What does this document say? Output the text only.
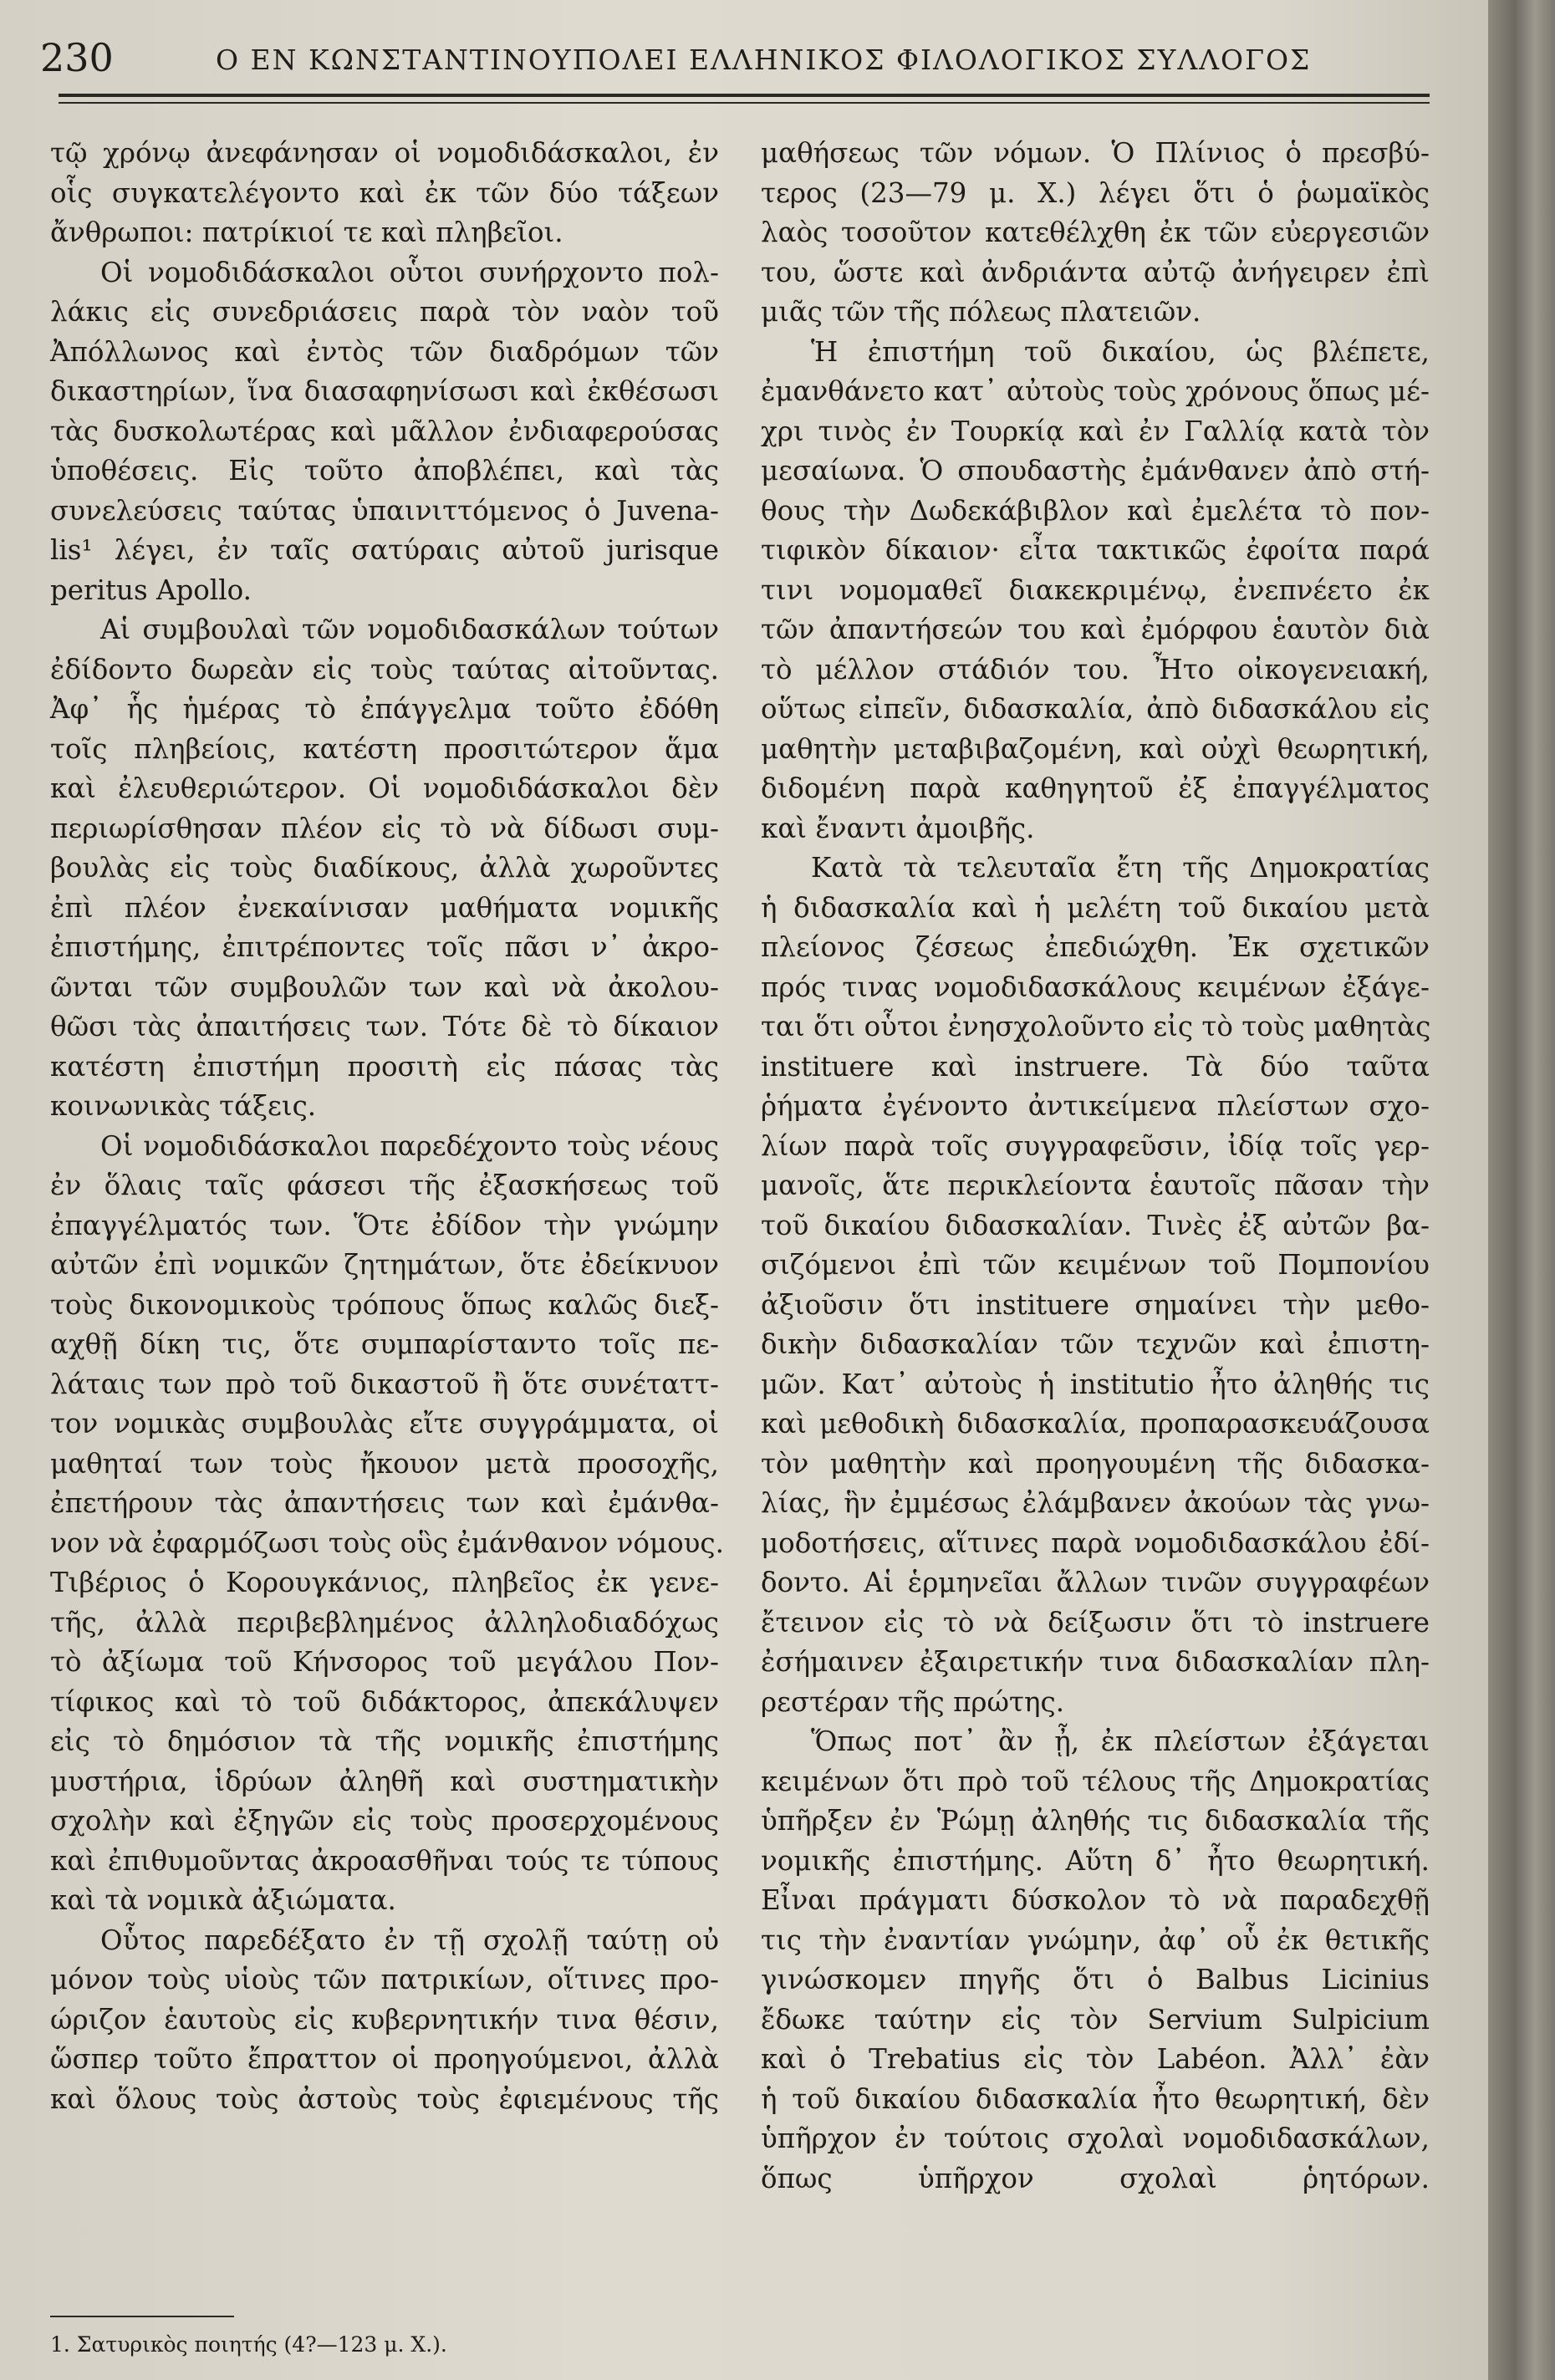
230	Ο ΕΝ ΚΩΝΣΤΑΝΤΙΝΟΥΠΟΛΕΙ ΕΛΛΗΝΙΚΟΣ ΦΙΛΟΛΟΓΙΚΟΣ ΣΥΛΛΟΓΟΣ
τῷ χρόνῳ ἀνεφάνησαν οἱ νομοδιδάσκαλοι, ἐν
οἷς συγκατελέγοντο καὶ ἐκ τῶν δύο τάξεων
ἄνθρωποι: πατρίκιοί τε καὶ πληβεῖοι.
Οἱ νομοδιδάσκαλοι οὗτοι συνήρχοντο πολ-
λάκις εἰς συνεδριάσεις παρὰ τὸν ναὸν τοῦ
Ἀπόλλωνος καὶ ἐντὸς τῶν διαδρόμων τῶν
δικαστηρίων, ἵνα διασαφηνίσωσι καὶ ἐκθέσωσι
τὰς δυσκολωτέρας καὶ μᾶλλον ἐνδιαφερούσας
ὑποθέσεις. Εἰς τοῦτο ἀποβλέπει, καὶ τὰς
συνελεύσεις ταύτας ὑπαινιττόμενος ὁ Juvena-
lis¹ λέγει, ἐν ταῖς σατύραις αὐτοῦ jurisque
peritus Apollo.
Αἱ συμβουλαὶ τῶν νομοδιδασκάλων τούτων
ἐδίδοντο δωρεὰν εἰς τοὺς ταύτας αἰτοῦντας.
Ἀφ᾽ ἧς ἡμέρας τὸ ἐπάγγελμα τοῦτο ἐδόθη
τοῖς πληβείοις, κατέστη προσιτώτερον ἅμα
καὶ ἐλευθεριώτερον. Οἱ νομοδιδάσκαλοι δὲν
περιωρίσθησαν πλέον εἰς τὸ νὰ δίδωσι συμ-
βουλὰς εἰς τοὺς διαδίκους, ἀλλὰ χωροῦντες
ἐπὶ πλέον ἐνεκαίνισαν μαθήματα νομικῆς
ἐπιστήμης, ἐπιτρέποντες τοῖς πᾶσι ν᾽ ἀκρο-
ῶνται τῶν συμβουλῶν των καὶ νὰ ἀκολου-
θῶσι τὰς ἀπαιτήσεις των. Τότε δὲ τὸ δίκαιον
κατέστη ἐπιστήμη προσιτὴ εἰς πάσας τὰς
κοινωνικὰς τάξεις.
Οἱ νομοδιδάσκαλοι παρεδέχοντο τοὺς νέους
ἐν ὅλαις ταῖς φάσεσι τῆς ἐξασκήσεως τοῦ
ἐπαγγέλματός των. Ὅτε ἐδίδον τὴν γνώμην
αὐτῶν ἐπὶ νομικῶν ζητημάτων, ὅτε ἐδείκνυον
τοὺς δικονομικοὺς τρόπους ὅπως καλῶς διεξ-
αχθῇ δίκη τις, ὅτε συμπαρίσταντο τοῖς πε-
λάταις των πρὸ τοῦ δικαστοῦ ἢ ὅτε συνέταττ-
τον νομικὰς συμβουλὰς εἴτε συγγράμματα, οἱ
μαθηταί των τοὺς ἤκουον μετὰ προσοχῆς,
ἐπετήρουν τὰς ἀπαντήσεις των καὶ ἐμάνθα-
νον νὰ ἐφαρμόζωσι τοὺς οὓς ἐμάνθανον νόμους.
Τιβέριος ὁ Κορουγκάνιος, πληβεῖος ἐκ γενε-
τῆς, ἀλλὰ περιβεβλημένος ἀλληλοδιαδόχως
τὸ ἀξίωμα τοῦ Κήνσορος τοῦ μεγάλου Πον-
τίφικος καὶ τὸ τοῦ διδάκτορος, ἀπεκάλυψεν
εἰς τὸ δημόσιον τὰ τῆς νομικῆς ἐπιστήμης
μυστήρια, ἱδρύων ἀληθῆ καὶ συστηματικὴν
σχολὴν καὶ ἐξηγῶν εἰς τοὺς προσερχομένους
καὶ ἐπιθυμοῦντας ἀκροασθῆναι τούς τε τύπους
καὶ τὰ νομικὰ ἀξιώματα.
Οὗτος παρεδέξατο ἐν τῇ σχολῇ ταύτῃ οὐ
μόνον τοὺς υἱοὺς τῶν πατρικίων, οἵτινες προ-
ώριζον ἑαυτοὺς εἰς κυβερνητικήν τινα θέσιν,
ὥσπερ τοῦτο ἔπραττον οἱ προηγούμενοι, ἀλλὰ
καὶ ὅλους τοὺς ἀστοὺς τοὺς ἐφιεμένους τῆς
μαθήσεως τῶν νόμων. Ὁ Πλίνιος ὁ πρεσβύ-
τερος (23—79 μ. Χ.) λέγει ὅτι ὁ ῥωμαϊκὸς
λαὸς τοσοῦτον κατεθέλχθη ἐκ τῶν εὐεργεσιῶν
του, ὥστε καὶ ἀνδριάντα αὐτῷ ἀνήγειρεν ἐπὶ
μιᾶς τῶν τῆς πόλεως πλατειῶν.
Ἡ ἐπιστήμη τοῦ δικαίου, ὡς βλέπετε,
ἐμανθάνετο κατ᾽ αὐτοὺς τοὺς χρόνους ὅπως μέ-
χρι τινὸς ἐν Τουρκίᾳ καὶ ἐν Γαλλίᾳ κατὰ τὸν
μεσαίωνα. Ὁ σπουδαστὴς ἐμάνθανεν ἀπὸ στή-
θους τὴν Δωδεκάβιβλον καὶ ἐμελέτα τὸ πον-
τιφικὸν δίκαιον· εἶτα τακτικῶς ἐφοίτα παρά
τινι νομομαθεῖ διακεκριμένῳ, ἐνεπνέετο ἐκ
τῶν ἀπαντήσεών του καὶ ἐμόρφου ἑαυτὸν διὰ
τὸ μέλλον στάδιόν του. Ἦτο οἰκογενειακή,
οὕτως εἰπεῖν, διδασκαλία, ἀπὸ διδασκάλου εἰς
μαθητὴν μεταβιβαζομένη, καὶ οὐχὶ θεωρητική,
διδομένη παρὰ καθηγητοῦ ἐξ ἐπαγγέλματος
καὶ ἔναντι ἀμοιβῆς.
Κατὰ τὰ τελευταῖα ἔτη τῆς Δημοκρατίας
ἡ διδασκαλία καὶ ἡ μελέτη τοῦ δικαίου μετὰ
πλείονος ζέσεως ἐπεδιώχθη. Ἐκ σχετικῶν
πρός τινας νομοδιδασκάλους κειμένων ἐξάγε-
ται ὅτι οὗτοι ἐνησχολοῦντο εἰς τὸ τοὺς μαθητὰς
instituere καὶ instruere. Τὰ δύο ταῦτα
ῥήματα ἐγένοντο ἀντικείμενα πλείστων σχο-
λίων παρὰ τοῖς συγγραφεῦσιν, ἰδίᾳ τοῖς γερ-
μανοῖς, ἅτε περικλείοντα ἑαυτοῖς πᾶσαν τὴν
τοῦ δικαίου διδασκαλίαν. Τινὲς ἐξ αὐτῶν βα-
σιζόμενοι ἐπὶ τῶν κειμένων τοῦ Πομπονίου
ἀξιοῦσιν ὅτι instituere σημαίνει τὴν μεθο-
δικὴν διδασκαλίαν τῶν τεχνῶν καὶ ἐπιστη-
μῶν. Κατ᾽ αὐτοὺς ἡ institutio ἦτο ἀληθής τις
καὶ μεθοδικὴ διδασκαλία, προπαρασκευάζουσα
τὸν μαθητὴν καὶ προηγουμένη τῆς διδασκα-
λίας, ἣν ἐμμέσως ἐλάμβανεν ἀκούων τὰς γνω-
μοδοτήσεις, αἵτινες παρὰ νομοδιδασκάλου ἐδί-
δοντο. Αἱ ἑρμηνεῖαι ἄλλων τινῶν συγγραφέων
ἔτεινον εἰς τὸ νὰ δείξωσιν ὅτι τὸ instruere
ἐσήμαινεν ἐξαιρετικήν τινα διδασκαλίαν πλη-
ρεστέραν τῆς πρώτης.
Ὅπως ποτ᾽ ἂν ᾖ, ἐκ πλείστων ἐξάγεται
κειμένων ὅτι πρὸ τοῦ τέλους τῆς Δημοκρατίας
ὑπῆρξεν ἐν Ῥώμῃ ἀληθής τις διδασκαλία τῆς
νομικῆς ἐπιστήμης. Αὕτη δ᾽ ἦτο θεωρητική.
Εἶναι πράγματι δύσκολον τὸ νὰ παραδεχθῇ
τις τὴν ἐναντίαν γνώμην, ἀφ᾽ οὗ ἐκ θετικῆς
γινώσκομεν πηγῆς ὅτι ὁ Balbus Licinius
ἔδωκε ταύτην εἰς τὸν Servium Sulpicium
καὶ ὁ Trebatius εἰς τὸν Labéon. Ἀλλ᾽ ἐὰν
ἡ τοῦ δικαίου διδασκαλία ἦτο θεωρητική, δὲν
ὑπῆρχον ἐν τούτοις σχολαὶ νομοδιδασκάλων,
ὅπως ὑπῆρχον σχολαὶ ῥητόρων.
1. Σατυρικὸς ποιητής (4?—123 μ. Χ.).
